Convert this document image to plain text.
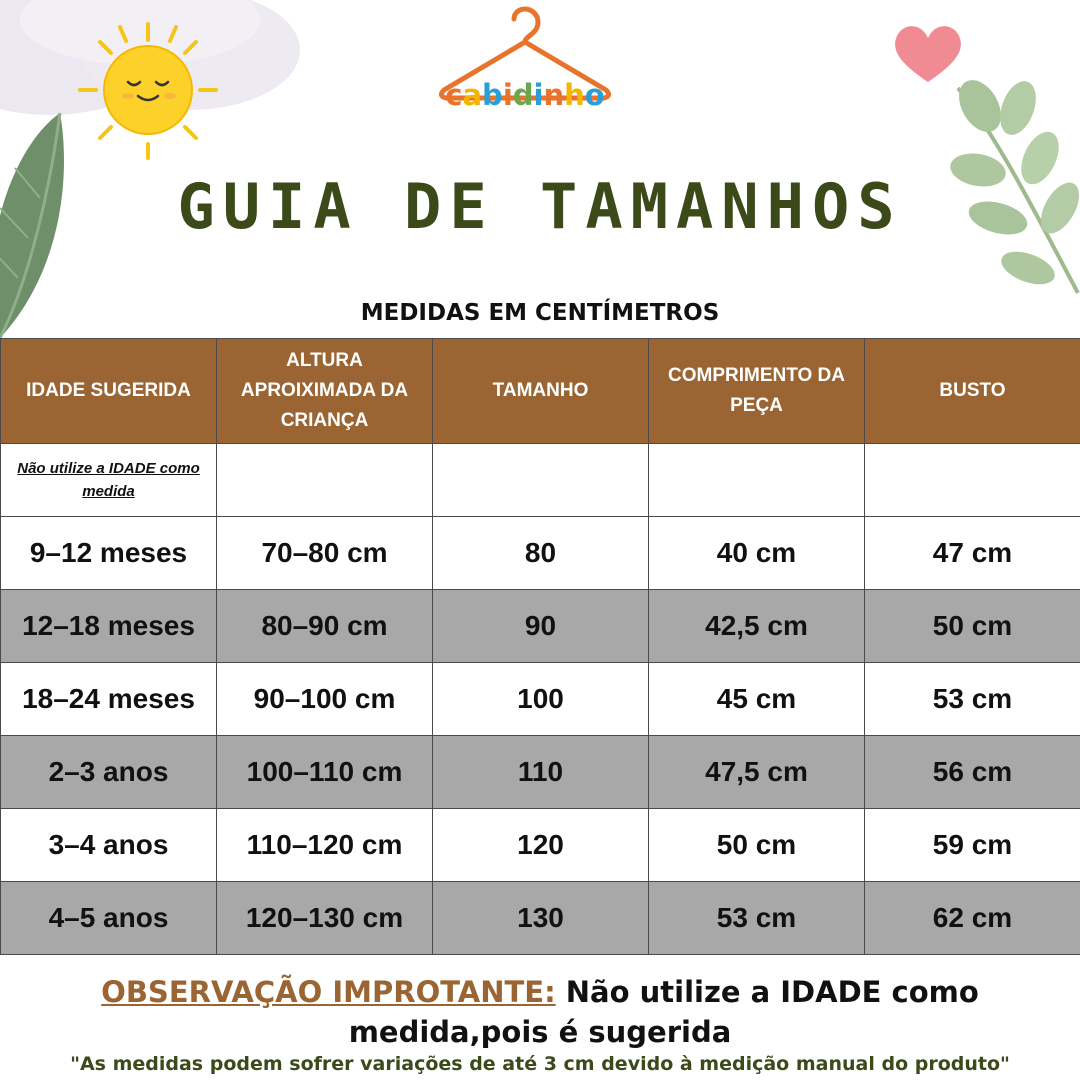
cabidinho
GUIA DE TAMANHOS
MEDIDAS EM CENTÍMETROS
IDADE SUGERIDA	ALTURA APROIXIMADA DA CRIANÇA	TAMANHO	COMPRIMENTO DA PEÇA	BUSTO
Não utilize a IDADE como medida				
9–12 meses	70–80 cm	80	40 cm	47 cm
12–18 meses	80–90 cm	90	42,5 cm	50 cm
18–24 meses	90–100 cm	100	45 cm	53 cm
2–3 anos	100–110 cm	110	47,5 cm	56 cm
3–4 anos	110–120 cm	120	50 cm	59 cm
4–5 anos	120–130 cm	130	53 cm	62 cm
OBSERVAÇÃO IMPROTANTE: Não utilize a IDADE como medida,pois é sugerida
"As medidas podem sofrer variações de até 3 cm devido à medição manual do produto"
